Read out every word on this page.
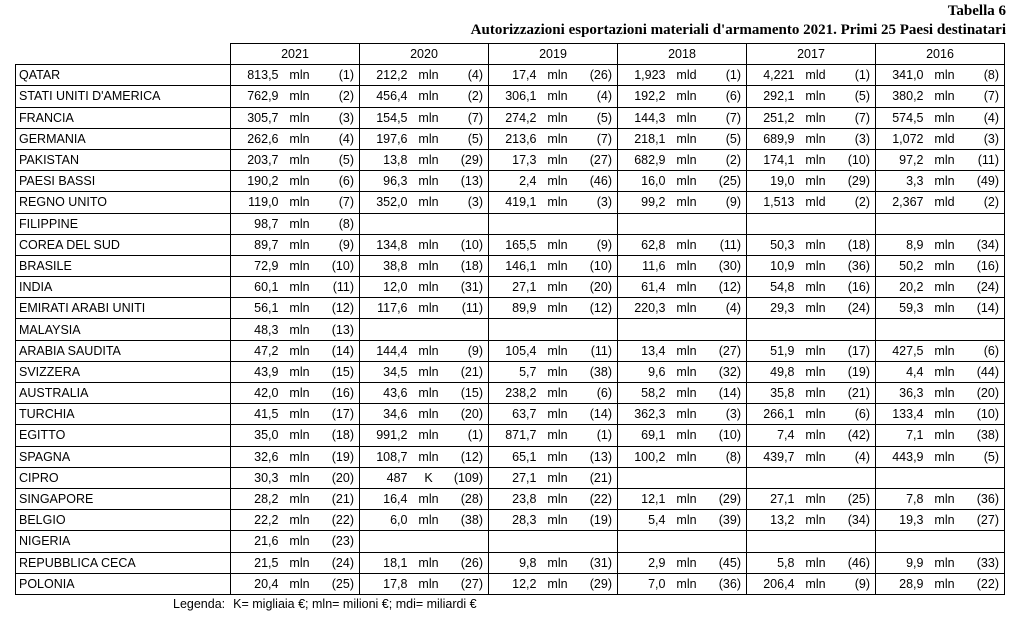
Tabella 6
Autorizzazioni esportazioni materiali d'armamento 2021. Primi 25 Paesi destinatari
	2021			2020			2019			2018			2017			2016		
QATAR	813,5	mln	(1)	212,2	mln	(4)	17,4	mln	(26)	1,923	mld	(1)	4,221	mld	(1)	341,0	mln	(8)
STATI UNITI D'AMERICA	762,9	mln	(2)	456,4	mln	(2)	306,1	mln	(4)	192,2	mln	(6)	292,1	mln	(5)	380,2	mln	(7)
FRANCIA	305,7	mln	(3)	154,5	mln	(7)	274,2	mln	(5)	144,3	mln	(7)	251,2	mln	(7)	574,5	mln	(4)
GERMANIA	262,6	mln	(4)	197,6	mln	(5)	213,6	mln	(7)	218,1	mln	(5)	689,9	mln	(3)	1,072	mld	(3)
PAKISTAN	203,7	mln	(5)	13,8	mln	(29)	17,3	mln	(27)	682,9	mln	(2)	174,1	mln	(10)	97,2	mln	(11)
PAESI BASSI	190,2	mln	(6)	96,3	mln	(13)	2,4	mln	(46)	16,0	mln	(25)	19,0	mln	(29)	3,3	mln	(49)
REGNO UNITO	119,0	mln	(7)	352,0	mln	(3)	419,1	mln	(3)	99,2	mln	(9)	1,513	mld	(2)	2,367	mld	(2)
FILIPPINE	98,7	mln	(8)															
COREA DEL SUD	89,7	mln	(9)	134,8	mln	(10)	165,5	mln	(9)	62,8	mln	(11)	50,3	mln	(18)	8,9	mln	(34)
BRASILE	72,9	mln	(10)	38,8	mln	(18)	146,1	mln	(10)	11,6	mln	(30)	10,9	mln	(36)	50,2	mln	(16)
INDIA	60,1	mln	(11)	12,0	mln	(31)	27,1	mln	(20)	61,4	mln	(12)	54,8	mln	(16)	20,2	mln	(24)
EMIRATI ARABI UNITI	56,1	mln	(12)	117,6	mln	(11)	89,9	mln	(12)	220,3	mln	(4)	29,3	mln	(24)	59,3	mln	(14)
MALAYSIA	48,3	mln	(13)															
ARABIA SAUDITA	47,2	mln	(14)	144,4	mln	(9)	105,4	mln	(11)	13,4	mln	(27)	51,9	mln	(17)	427,5	mln	(6)
SVIZZERA	43,9	mln	(15)	34,5	mln	(21)	5,7	mln	(38)	9,6	mln	(32)	49,8	mln	(19)	4,4	mln	(44)
AUSTRALIA	42,0	mln	(16)	43,6	mln	(15)	238,2	mln	(6)	58,2	mln	(14)	35,8	mln	(21)	36,3	mln	(20)
TURCHIA	41,5	mln	(17)	34,6	mln	(20)	63,7	mln	(14)	362,3	mln	(3)	266,1	mln	(6)	133,4	mln	(10)
EGITTO	35,0	mln	(18)	991,2	mln	(1)	871,7	mln	(1)	69,1	mln	(10)	7,4	mln	(42)	7,1	mln	(38)
SPAGNA	32,6	mln	(19)	108,7	mln	(12)	65,1	mln	(13)	100,2	mln	(8)	439,7	mln	(4)	443,9	mln	(5)
CIPRO	30,3	mln	(20)	487	K	(109)	27,1	mln	(21)									
SINGAPORE	28,2	mln	(21)	16,4	mln	(28)	23,8	mln	(22)	12,1	mln	(29)	27,1	mln	(25)	7,8	mln	(36)
BELGIO	22,2	mln	(22)	6,0	mln	(38)	28,3	mln	(19)	5,4	mln	(39)	13,2	mln	(34)	19,3	mln	(27)
NIGERIA	21,6	mln	(23)															
REPUBBLICA CECA	21,5	mln	(24)	18,1	mln	(26)	9,8	mln	(31)	2,9	mln	(45)	5,8	mln	(46)	9,9	mln	(33)
POLONIA	20,4	mln	(25)	17,8	mln	(27)	12,2	mln	(29)	7,0	mln	(36)	206,4	mln	(9)	28,9	mln	(22)
Legenda: K= migliaia €; mln= milioni €; mdi= miliardi €
